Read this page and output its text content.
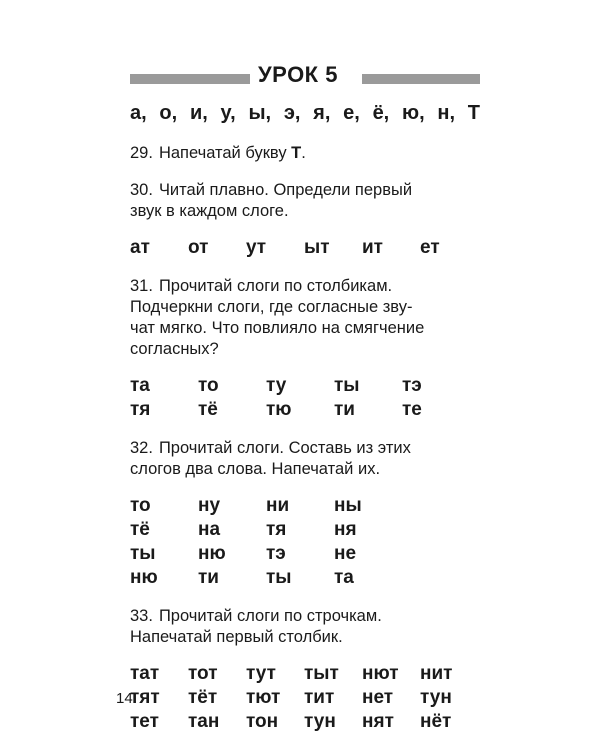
УРОК 5
а, о, и, у, ы, э, я, е, ё, ю, н, Т
29. Напечатай букву Т.
30. Читай плавно. Определи первый
звук в каждом слоге.
ат	от	ут	ыт	ит	ет
31. Прочитай слоги по столбикам.
Подчеркни слоги, где согласные зву-
чат мягко. Что повлияло на смягчение
согласных?
та	то	ту	ты	тэ
тя	тё	тю	ти	те
32. Прочитай слоги. Составь из этих
слогов два слова. Напечатай их.
то	ну	ни	ны
тё	на	тя	ня
ты	ню	тэ	не
ню	ти	ты	та
33. Прочитай слоги по строчкам.
Напечатай первый столбик.
тат	тот	тут	тыт	нют	нит
тят	тёт	тют	тит	нет	тун
тет	тан	тон	тун	нят	нёт
14
